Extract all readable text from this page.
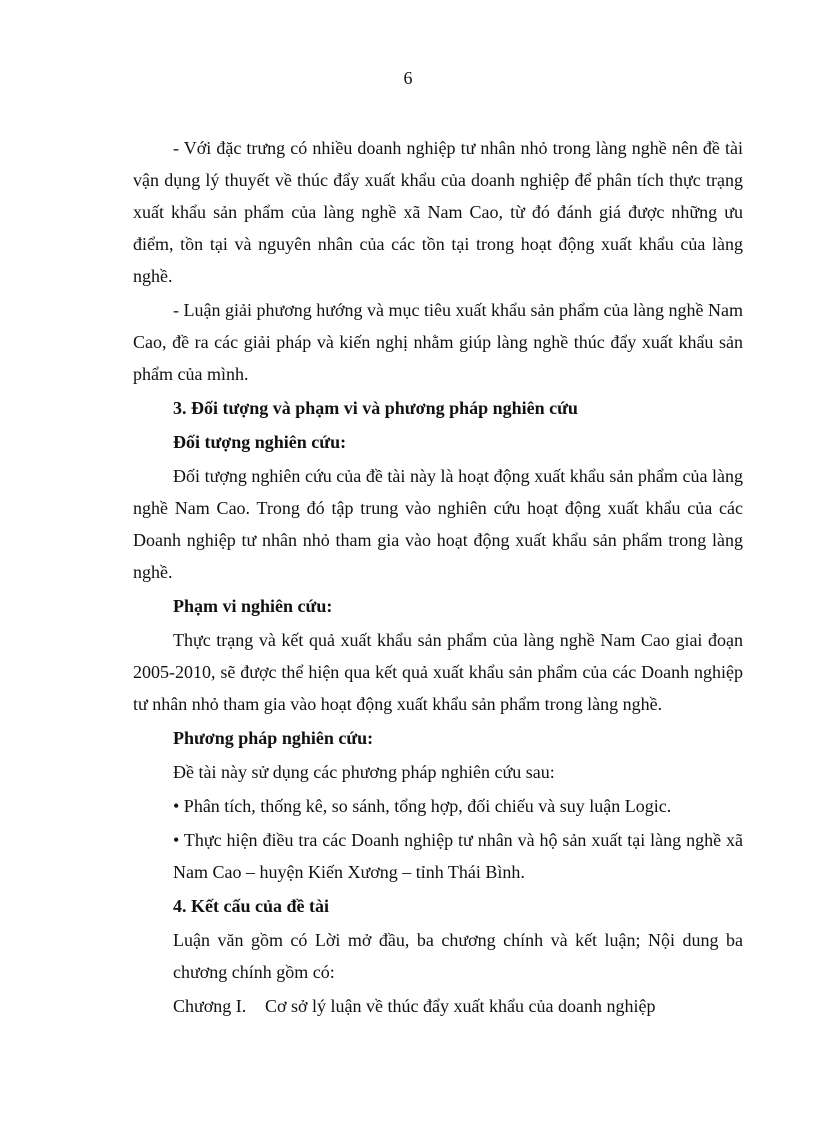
6

- Với đặc trưng có nhiều doanh nghiệp tư nhân nhỏ trong làng nghề nên đề tài vận dụng lý thuyết về thúc đẩy xuất khẩu của doanh nghiệp để phân tích thực trạng xuất khẩu sản phẩm của làng nghề xã Nam Cao, từ đó đánh giá được những ưu điểm, tồn tại và nguyên nhân của các tồn tại trong hoạt động xuất khẩu của làng nghề.

- Luận giải phương hướng và mục tiêu xuất khẩu sản phẩm của làng nghề Nam Cao, đề ra các giải pháp và kiến nghị nhằm giúp làng nghề thúc đẩy xuất khẩu sản phẩm của mình.

3. Đối tượng và phạm vi và phương pháp nghiên cứu

Đối tượng nghiên cứu:

Đối tượng nghiên cứu của đề tài này là hoạt động xuất khẩu sản phẩm của làng nghề Nam Cao. Trong đó tập trung vào nghiên cứu hoạt động xuất khẩu của các Doanh nghiệp tư nhân nhỏ tham gia vào hoạt động xuất khẩu sản phẩm trong làng nghề.

Phạm vi nghiên cứu:

Thực trạng và kết quả xuất khẩu sản phẩm của làng nghề Nam Cao giai đoạn 2005-2010, sẽ được thể hiện qua kết quả xuất khẩu sản phẩm của các Doanh nghiệp tư nhân nhỏ tham gia vào hoạt động xuất khẩu sản phẩm trong làng nghề.

Phương pháp nghiên cứu:

Đề tài này sử dụng các phương pháp nghiên cứu sau:

• Phân tích, thống kê, so sánh, tổng hợp, đối chiếu và suy luận Logic.

• Thực hiện điều tra các Doanh nghiệp tư nhân và hộ sản xuất tại làng nghề xã Nam Cao – huyện Kiến Xương – tỉnh Thái Bình.

4. Kết cấu của đề tài

Luận văn gồm có Lời mở đầu, ba chương chính và kết luận; Nội dung ba chương chính gồm có:

Chương I.	Cơ sở lý luận về thúc đẩy xuất khẩu của doanh nghiệp
